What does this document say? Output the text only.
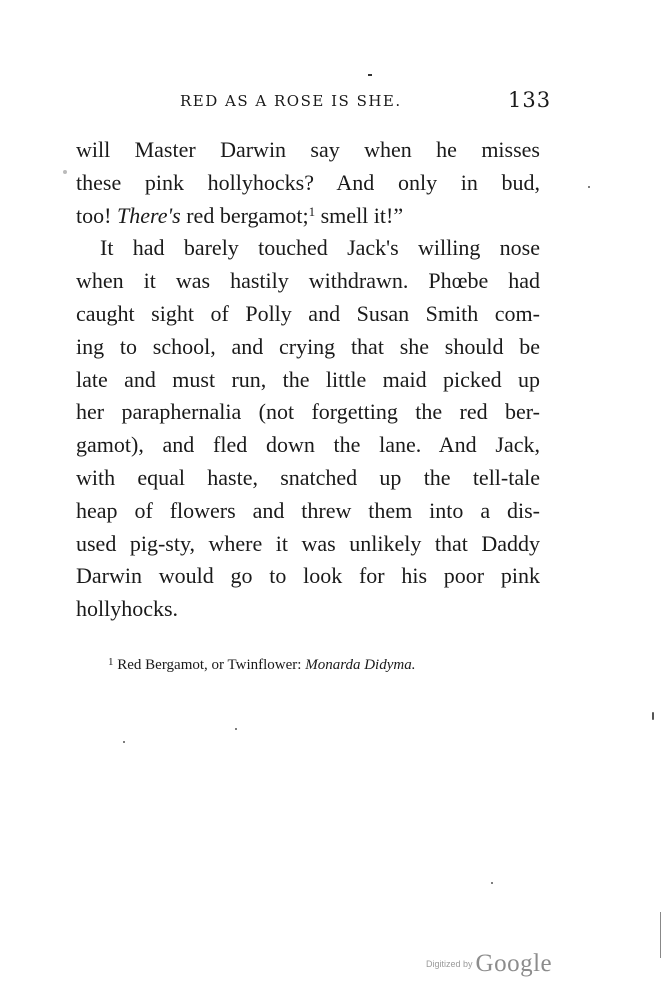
RED AS A ROSE IS SHE.	133
will Master Darwin say when he misses
these pink hollyhocks? And only in bud,
too! There's red bergamot;$^1$ smell it!”
It had barely touched Jack's willing nose
when it was hastily withdrawn. Phœbe had
caught sight of Polly and Susan Smith com-
ing to school, and crying that she should be
late and must run, the little maid picked up
her paraphernalia (not forgetting the red ber-
gamot), and fled down the lane. And Jack,
with equal haste, snatched up the tell-tale
heap of flowers and threw them into a dis-
used pig-sty, where it was unlikely that Daddy
Darwin would go to look for his poor pink
hollyhocks.
$^1$ Red Bergamot, or Twinflower: Monarda Didyma.
$^{Digitized by}$ Google
